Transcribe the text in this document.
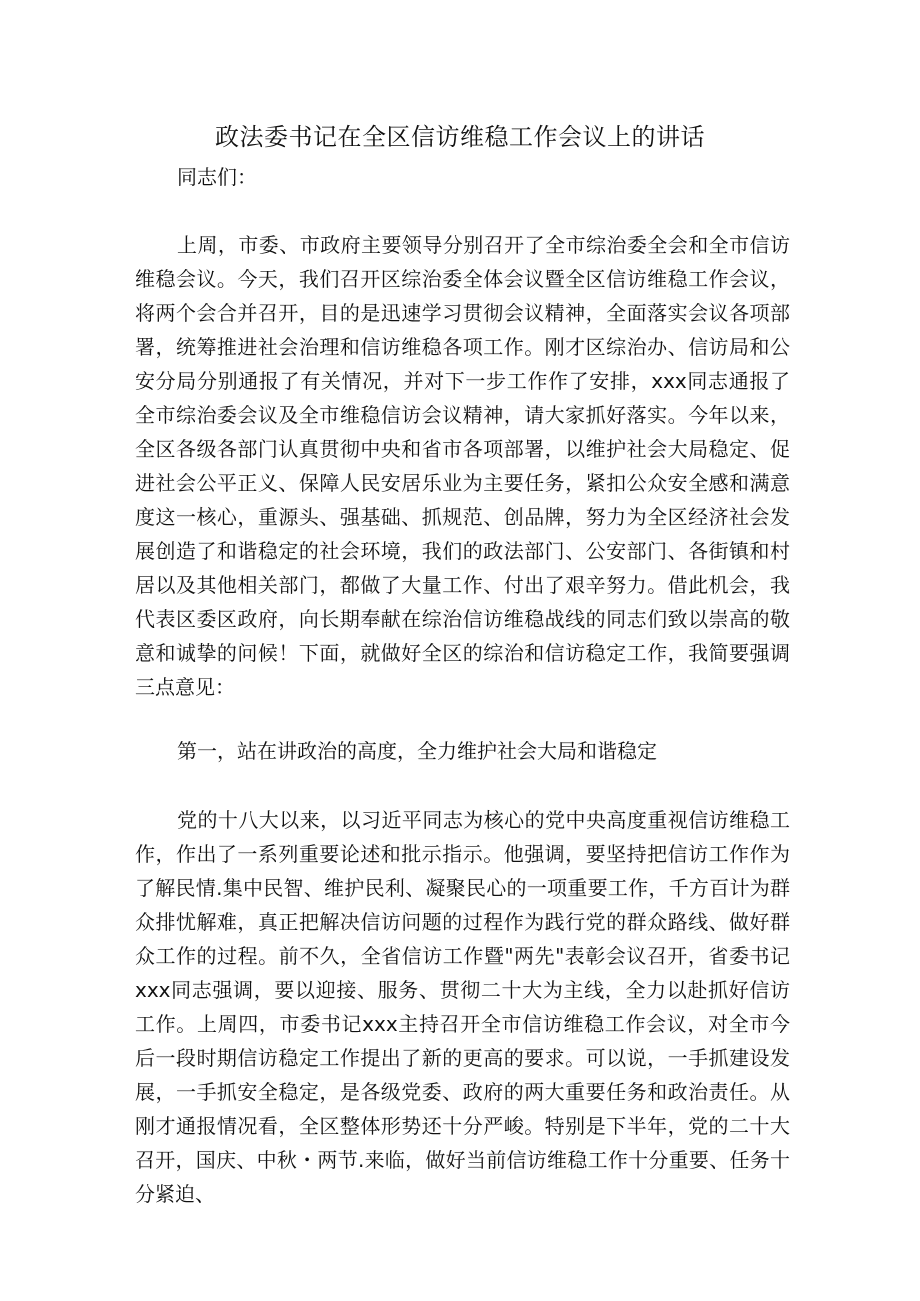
政法委书记在全区信访维稳工作会议上的讲话

同志们：

上周，市委、市政府主要领导分别召开了全市综治委全会和全市信访维稳会议。今天，我们召开区综治委全体会议暨全区信访维稳工作会议，将两个会合并召开，目的是迅速学习贯彻会议精神，全面落实会议各项部署，统筹推进社会治理和信访维稳各项工作。刚才区综治办、信访局和公安分局分别通报了有关情况，并对下一步工作作了安排，xxx同志通报了全市综治委会议及全市维稳信访会议精神，请大家抓好落实。今年以来，全区各级各部门认真贯彻中央和省市各项部署，以维护社会大局稳定、促进社会公平正义、保障人民安居乐业为主要任务，紧扣公众安全感和满意度这一核心，重源头、强基础、抓规范、创品牌，努力为全区经济社会发展创造了和谐稳定的社会环境，我们的政法部门、公安部门、各街镇和村居以及其他相关部门，都做了大量工作、付出了艰辛努力。借此机会，我代表区委区政府，向长期奉献在综治信访维稳战线的同志们致以崇高的敬意和诚挚的问候！下面，就做好全区的综治和信访稳定工作，我简要强调三点意见：

第一，站在讲政治的高度，全力维护社会大局和谐稳定

党的十八大以来，以习近平同志为核心的党中央高度重视信访维稳工作，作出了一系列重要论述和批示指示。他强调，要坚持把信访工作作为了解民情.集中民智、维护民利、凝聚民心的一项重要工作，千方百计为群众排忧解难，真正把解决信访问题的过程作为践行党的群众路线、做好群众工作的过程。前不久，全省信访工作暨"两先"表彰会议召开，省委书记xxx同志强调，要以迎接、服务、贯彻二十大为主线，全力以赴抓好信访工作。上周四，市委书记xxx主持召开全市信访维稳工作会议，对全市今后一段时期信访稳定工作提出了新的更高的要求。可以说，一手抓建设发展，一手抓安全稳定，是各级党委、政府的两大重要任务和政治责任。从刚才通报情况看，全区整体形势还十分严峻。特别是下半年，党的二十大召开，国庆、中秋・两节.来临，做好当前信访维稳工作十分重要、任务十分紧迫、
